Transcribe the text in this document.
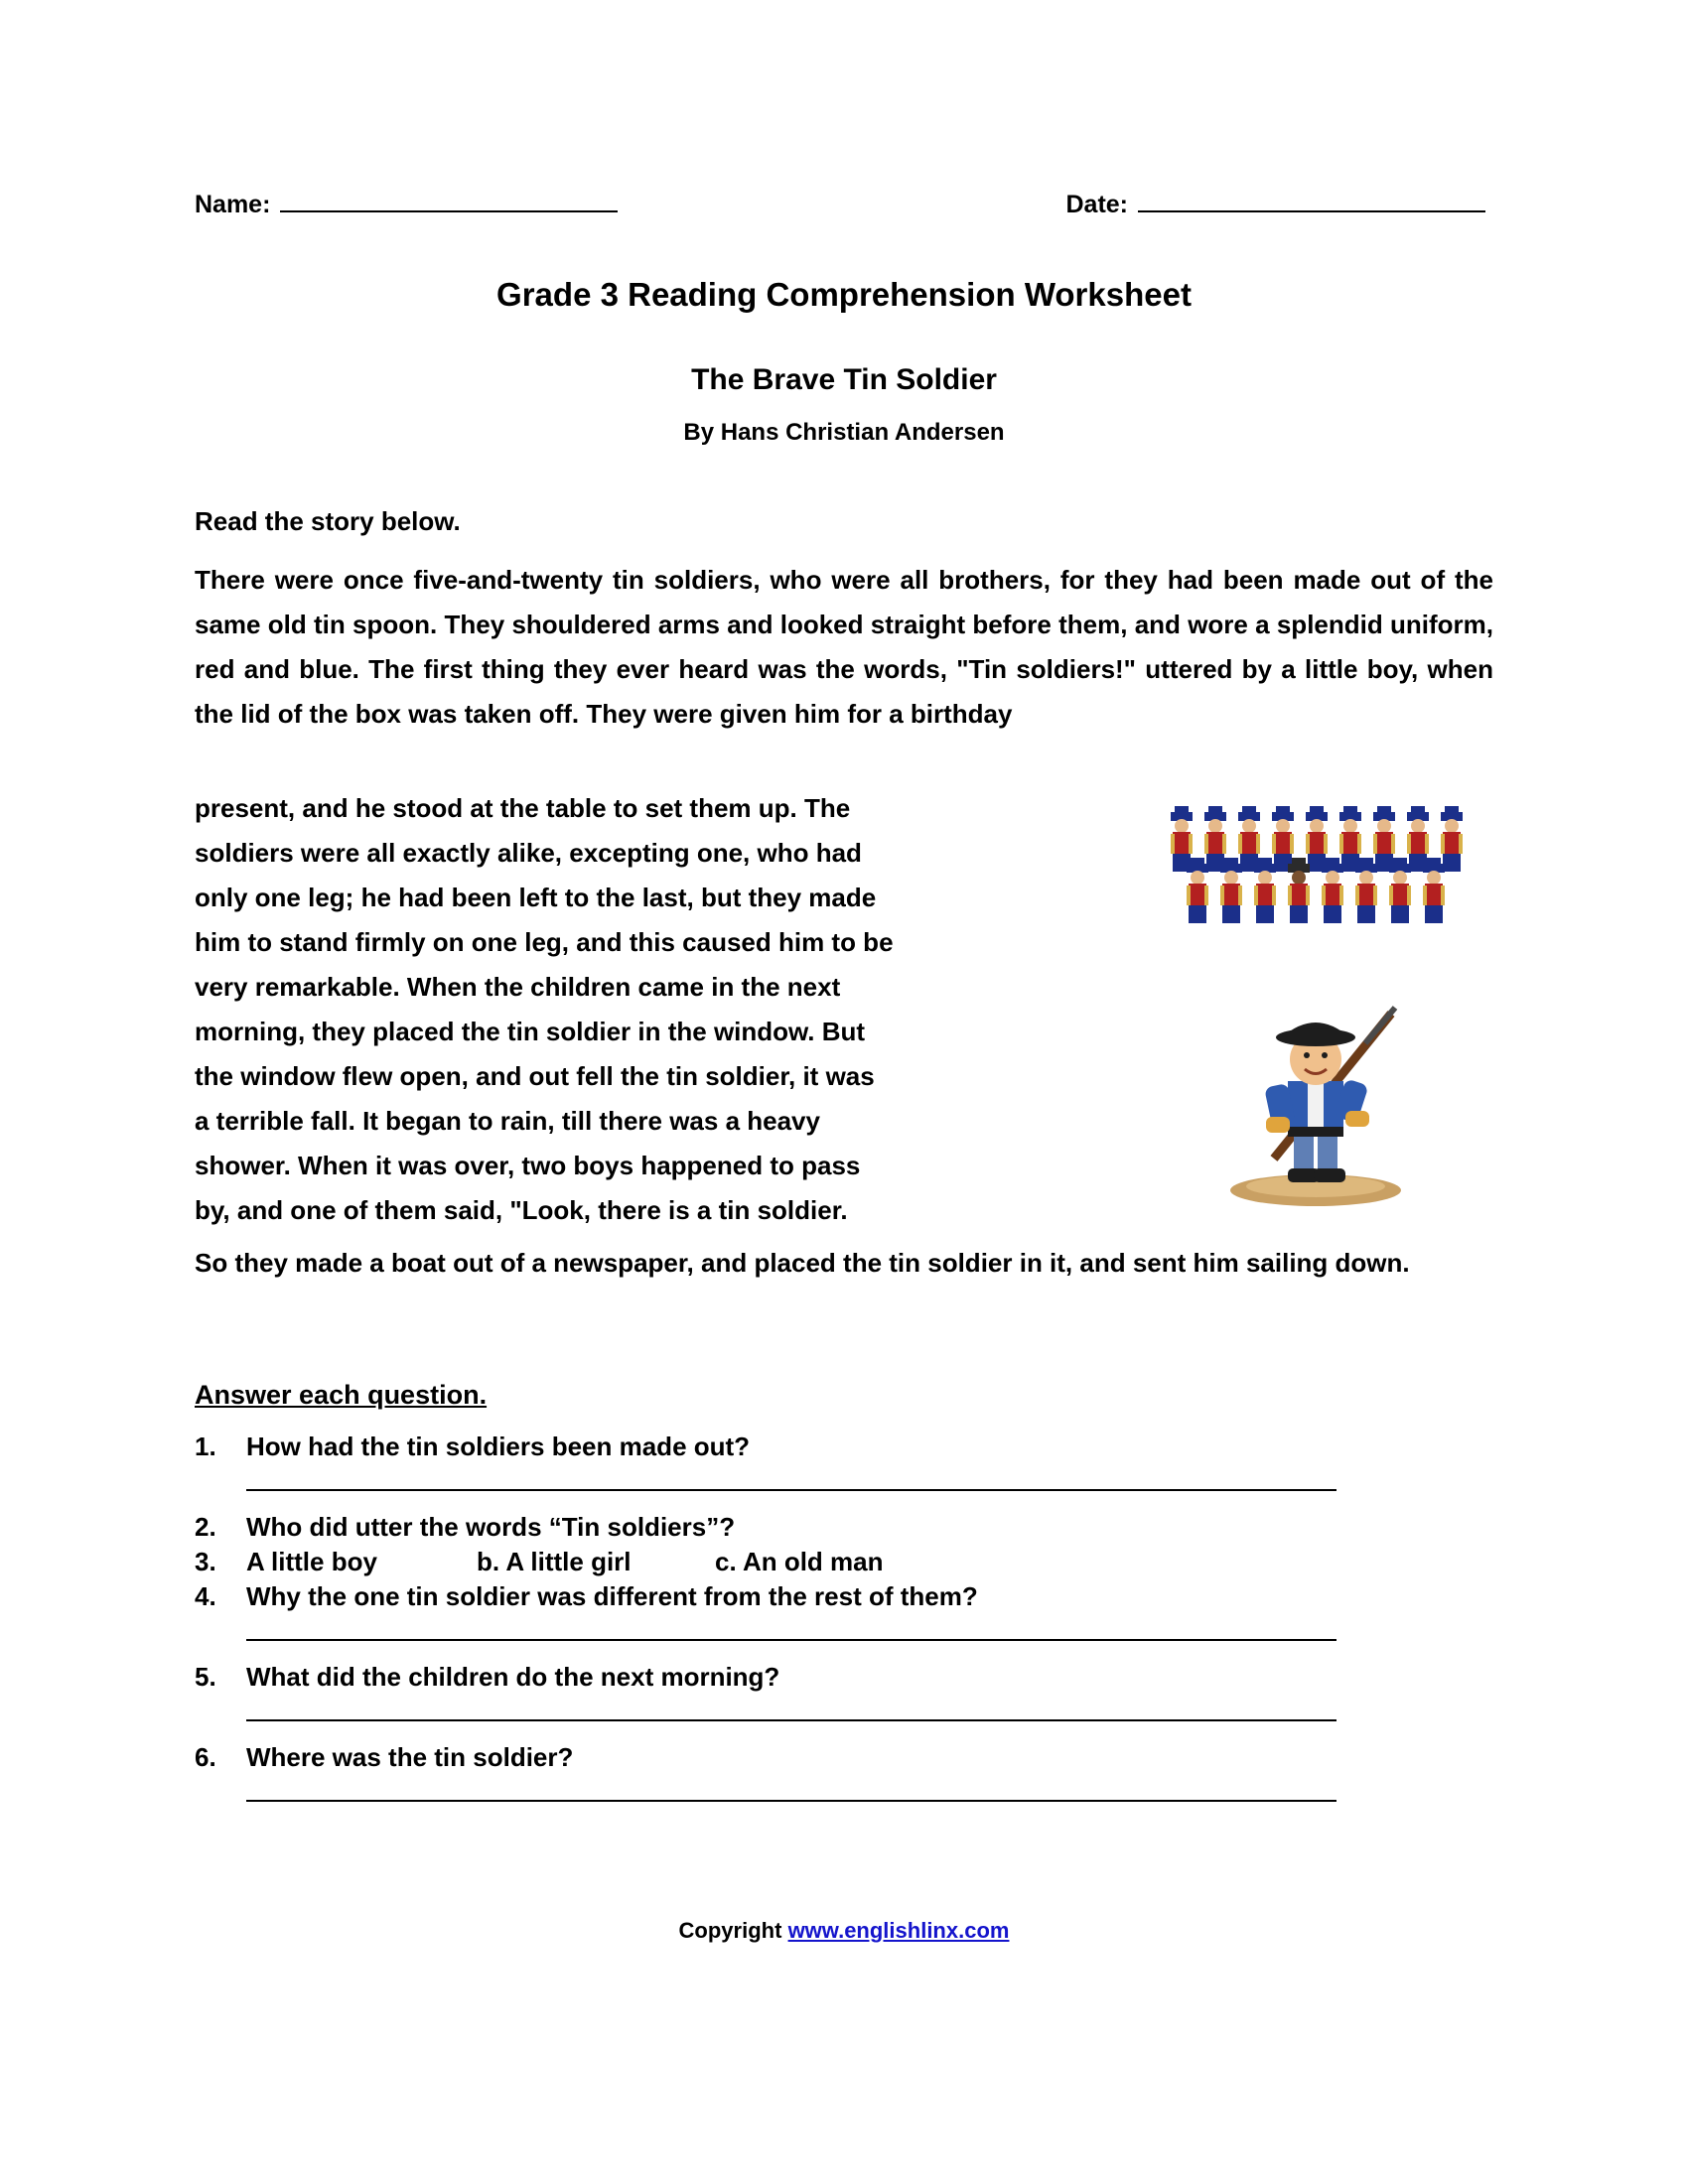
Name:	Date:
Grade 3 Reading Comprehension Worksheet
The Brave Tin Soldier
By Hans Christian Andersen
Read the story below.
There were once five-and-twenty tin soldiers, who were all brothers, for they had been made out of the same old tin spoon. They shouldered arms and looked straight before them, and wore a splendid uniform, red and blue. The first thing they ever heard was the words, "Tin soldiers!" uttered by a little boy, when the lid of the box was taken off. They were given him for a birthday

present, and he stood at the table to set them up. The

soldiers were all exactly alike, excepting one, who had

only one leg; he had been left to the last, but they made

him to stand firmly on one leg, and this caused him to be

very remarkable. When the children came in the next

morning, they placed the tin soldier in the window. But

the window flew open, and out fell the tin soldier, it was

a terrible fall. It began to rain, till there was a heavy

shower. When it was over, two boys happened to pass

by, and one of them said, "Look, there is a tin soldier.

So they made a boat out of a newspaper, and placed the tin soldier in it, and sent him sailing down.
Answer each question.
1.	How had the tin soldiers been made out?
2.	Who did utter the words “Tin soldiers”?
3.	A little boy	b. A little girl	c. An old man
4.	Why the one tin soldier was different from the rest of them?
5.	What did the children do the next morning?
6.	Where was the tin soldier?
Copyright www.englishlinx.com
